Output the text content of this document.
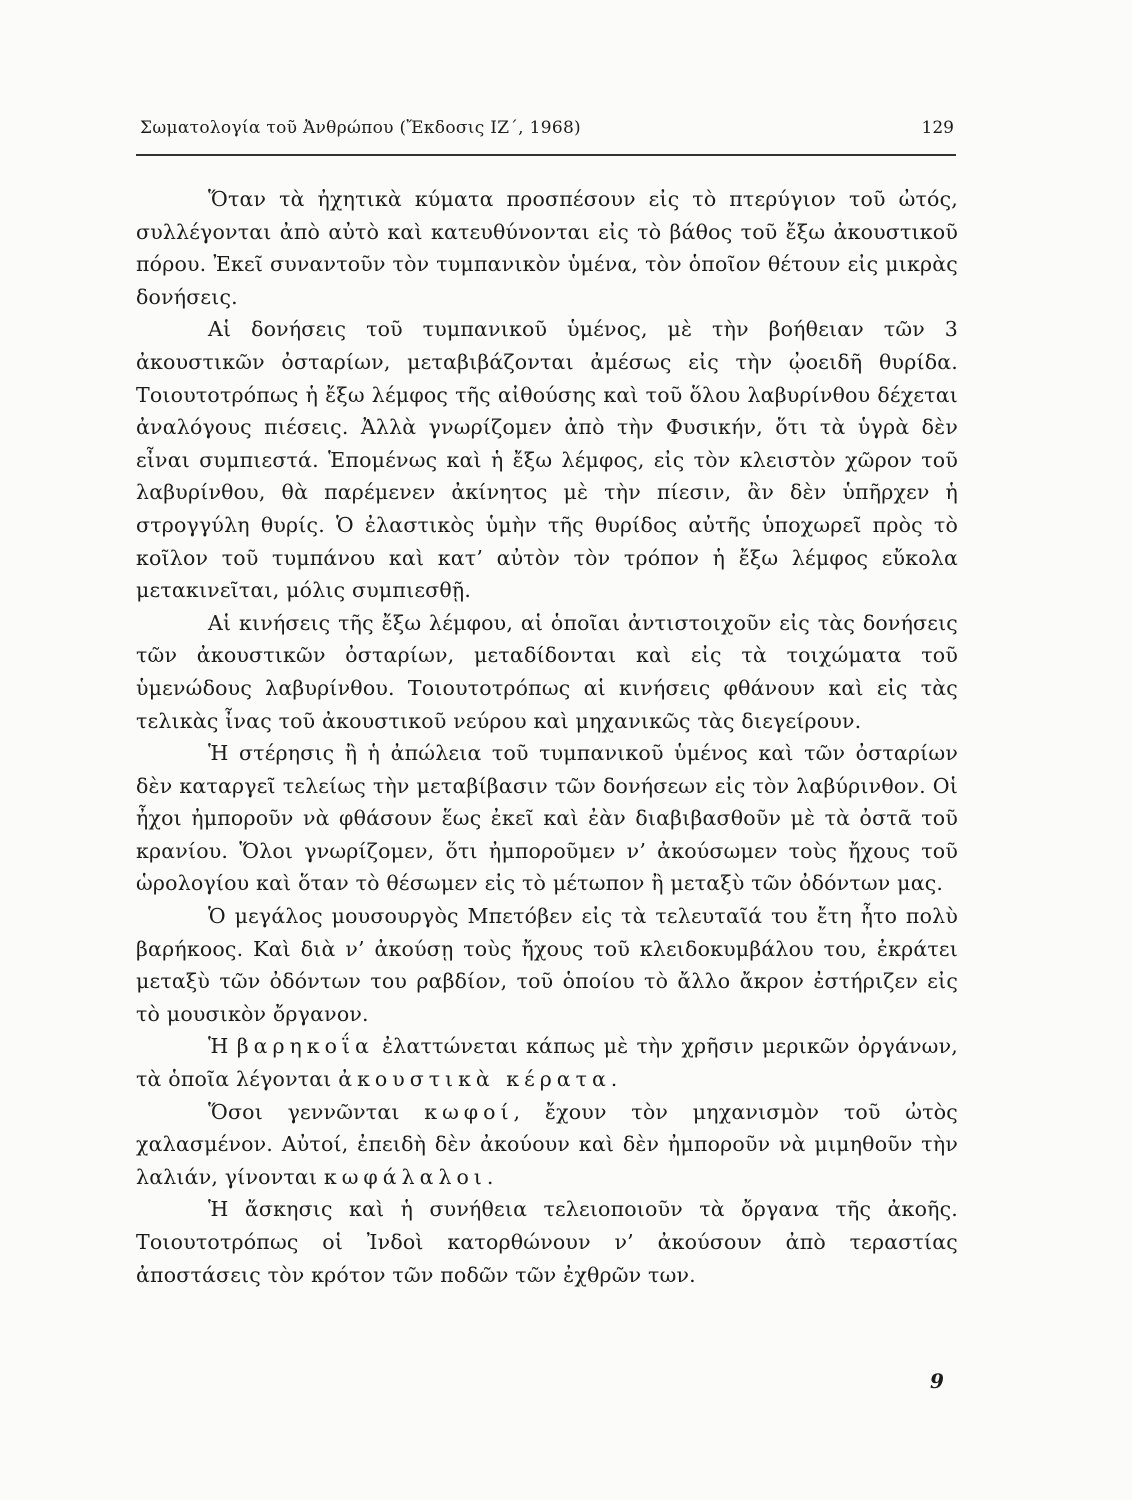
Σωματολογία τοῦ Ἀνθρώπου (Ἔκδοσις ΙΖ΄, 1968)	129

Ὅταν τὰ ἠχητικὰ κύματα προσπέσουν εἰς τὸ πτερύγιον τοῦ ὠτός, συλλέγονται ἀπὸ αὐτὸ καὶ κατευθύνονται εἰς τὸ βάθος τοῦ ἔξω ἀκουστικοῦ πόρου. Ἐκεῖ συναντοῦν τὸν τυμπανικὸν ὑμένα, τὸν ὁποῖον θέτουν εἰς μικρὰς δονήσεις.

Αἱ δονήσεις τοῦ τυμπανικοῦ ὑμένος, μὲ τὴν βοήθειαν τῶν 3 ἀκουστικῶν ὀσταρίων, μεταβιβάζονται ἀμέσως εἰς τὴν ᾠοειδῆ θυρίδα. Τοιουτοτρόπως ἡ ἔξω λέμφος τῆς αἰθούσης καὶ τοῦ ὅλου λαβυρίνθου δέχεται ἀναλόγους πιέσεις. Ἀλλὰ γνωρίζομεν ἀπὸ τὴν Φυσικήν, ὅτι τὰ ὑγρὰ δὲν εἶναι συμπιεστά. Ἑπομένως καὶ ἡ ἔξω λέμφος, εἰς τὸν κλειστὸν χῶρον τοῦ λαβυρίνθου, θὰ παρέμενεν ἀκίνητος μὲ τὴν πίεσιν, ἂν δὲν ὑπῆρχεν ἡ στρογγύλη θυρίς. Ὁ ἐλαστικὸς ὑμὴν τῆς θυρίδος αὐτῆς ὑποχωρεῖ πρὸς τὸ κοῖλον τοῦ τυμπάνου καὶ κατ’ αὐτὸν τὸν τρόπον ἡ ἔξω λέμφος εὔκολα μετακινεῖται, μόλις συμπιεσθῇ.

Αἱ κινήσεις τῆς ἔξω λέμφου, αἱ ὁποῖαι ἀντιστοιχοῦν εἰς τὰς δονήσεις τῶν ἀκουστικῶν ὀσταρίων, μεταδίδονται καὶ εἰς τὰ τοιχώματα τοῦ ὑμενώδους λαβυρίνθου. Τοιουτοτρόπως αἱ κινήσεις φθάνουν καὶ εἰς τὰς τελικὰς ἶνας τοῦ ἀκουστικοῦ νεύρου καὶ μηχανικῶς τὰς διεγείρουν.

Ἡ στέρησις ἢ ἡ ἀπώλεια τοῦ τυμπανικοῦ ὑμένος καὶ τῶν ὀσταρίων δὲν καταργεῖ τελείως τὴν μεταβίβασιν τῶν δονήσεων εἰς τὸν λαβύρινθον. Οἱ ἦχοι ἠμποροῦν νὰ φθάσουν ἕως ἐκεῖ καὶ ἐὰν διαβιβασθοῦν μὲ τὰ ὀστᾶ τοῦ κρανίου. Ὅλοι γνωρίζομεν, ὅτι ἠμποροῦμεν ν’ ἀκούσωμεν τοὺς ἤχους τοῦ ὡρολογίου καὶ ὅταν τὸ θέσωμεν εἰς τὸ μέτωπον ἢ μεταξὺ τῶν ὀδόντων μας.

Ὁ μεγάλος μουσουργὸς Μπετόβεν εἰς τὰ τελευταῖά του ἔτη ἦτο πολὺ βαρήκοος. Καὶ διὰ ν’ ἀκούσῃ τοὺς ἤχους τοῦ κλειδοκυμβάλου του, ἐκράτει μεταξὺ τῶν ὀδόντων του ραβδίον, τοῦ ὁποίου τὸ ἄλλο ἄκρον ἐστήριζεν εἰς τὸ μουσικὸν ὄργανον.

Ἡ βαρηκοΐα ἐλαττώνεται κάπως μὲ τὴν χρῆσιν μερικῶν ὀργάνων, τὰ ὁποῖα λέγονται ἀκουστικὰ κέρατα.

Ὅσοι γεννῶνται κωφοί, ἔχουν τὸν μηχανισμὸν τοῦ ὠτὸς χαλασμένον. Αὐτοί, ἐπειδὴ δὲν ἀκούουν καὶ δὲν ἠμποροῦν νὰ μιμηθοῦν τὴν λαλιάν, γίνονται κωφάλαλοι.

Ἡ ἄσκησις καὶ ἡ συνήθεια τελειοποιοῦν τὰ ὄργανα τῆς ἀκοῆς. Τοιουτοτρόπως οἱ Ἰνδοὶ κατορθώνουν ν’ ἀκούσουν ἀπὸ τεραστίας ἀποστάσεις τὸν κρότον τῶν ποδῶν τῶν ἐχθρῶν των.

9
